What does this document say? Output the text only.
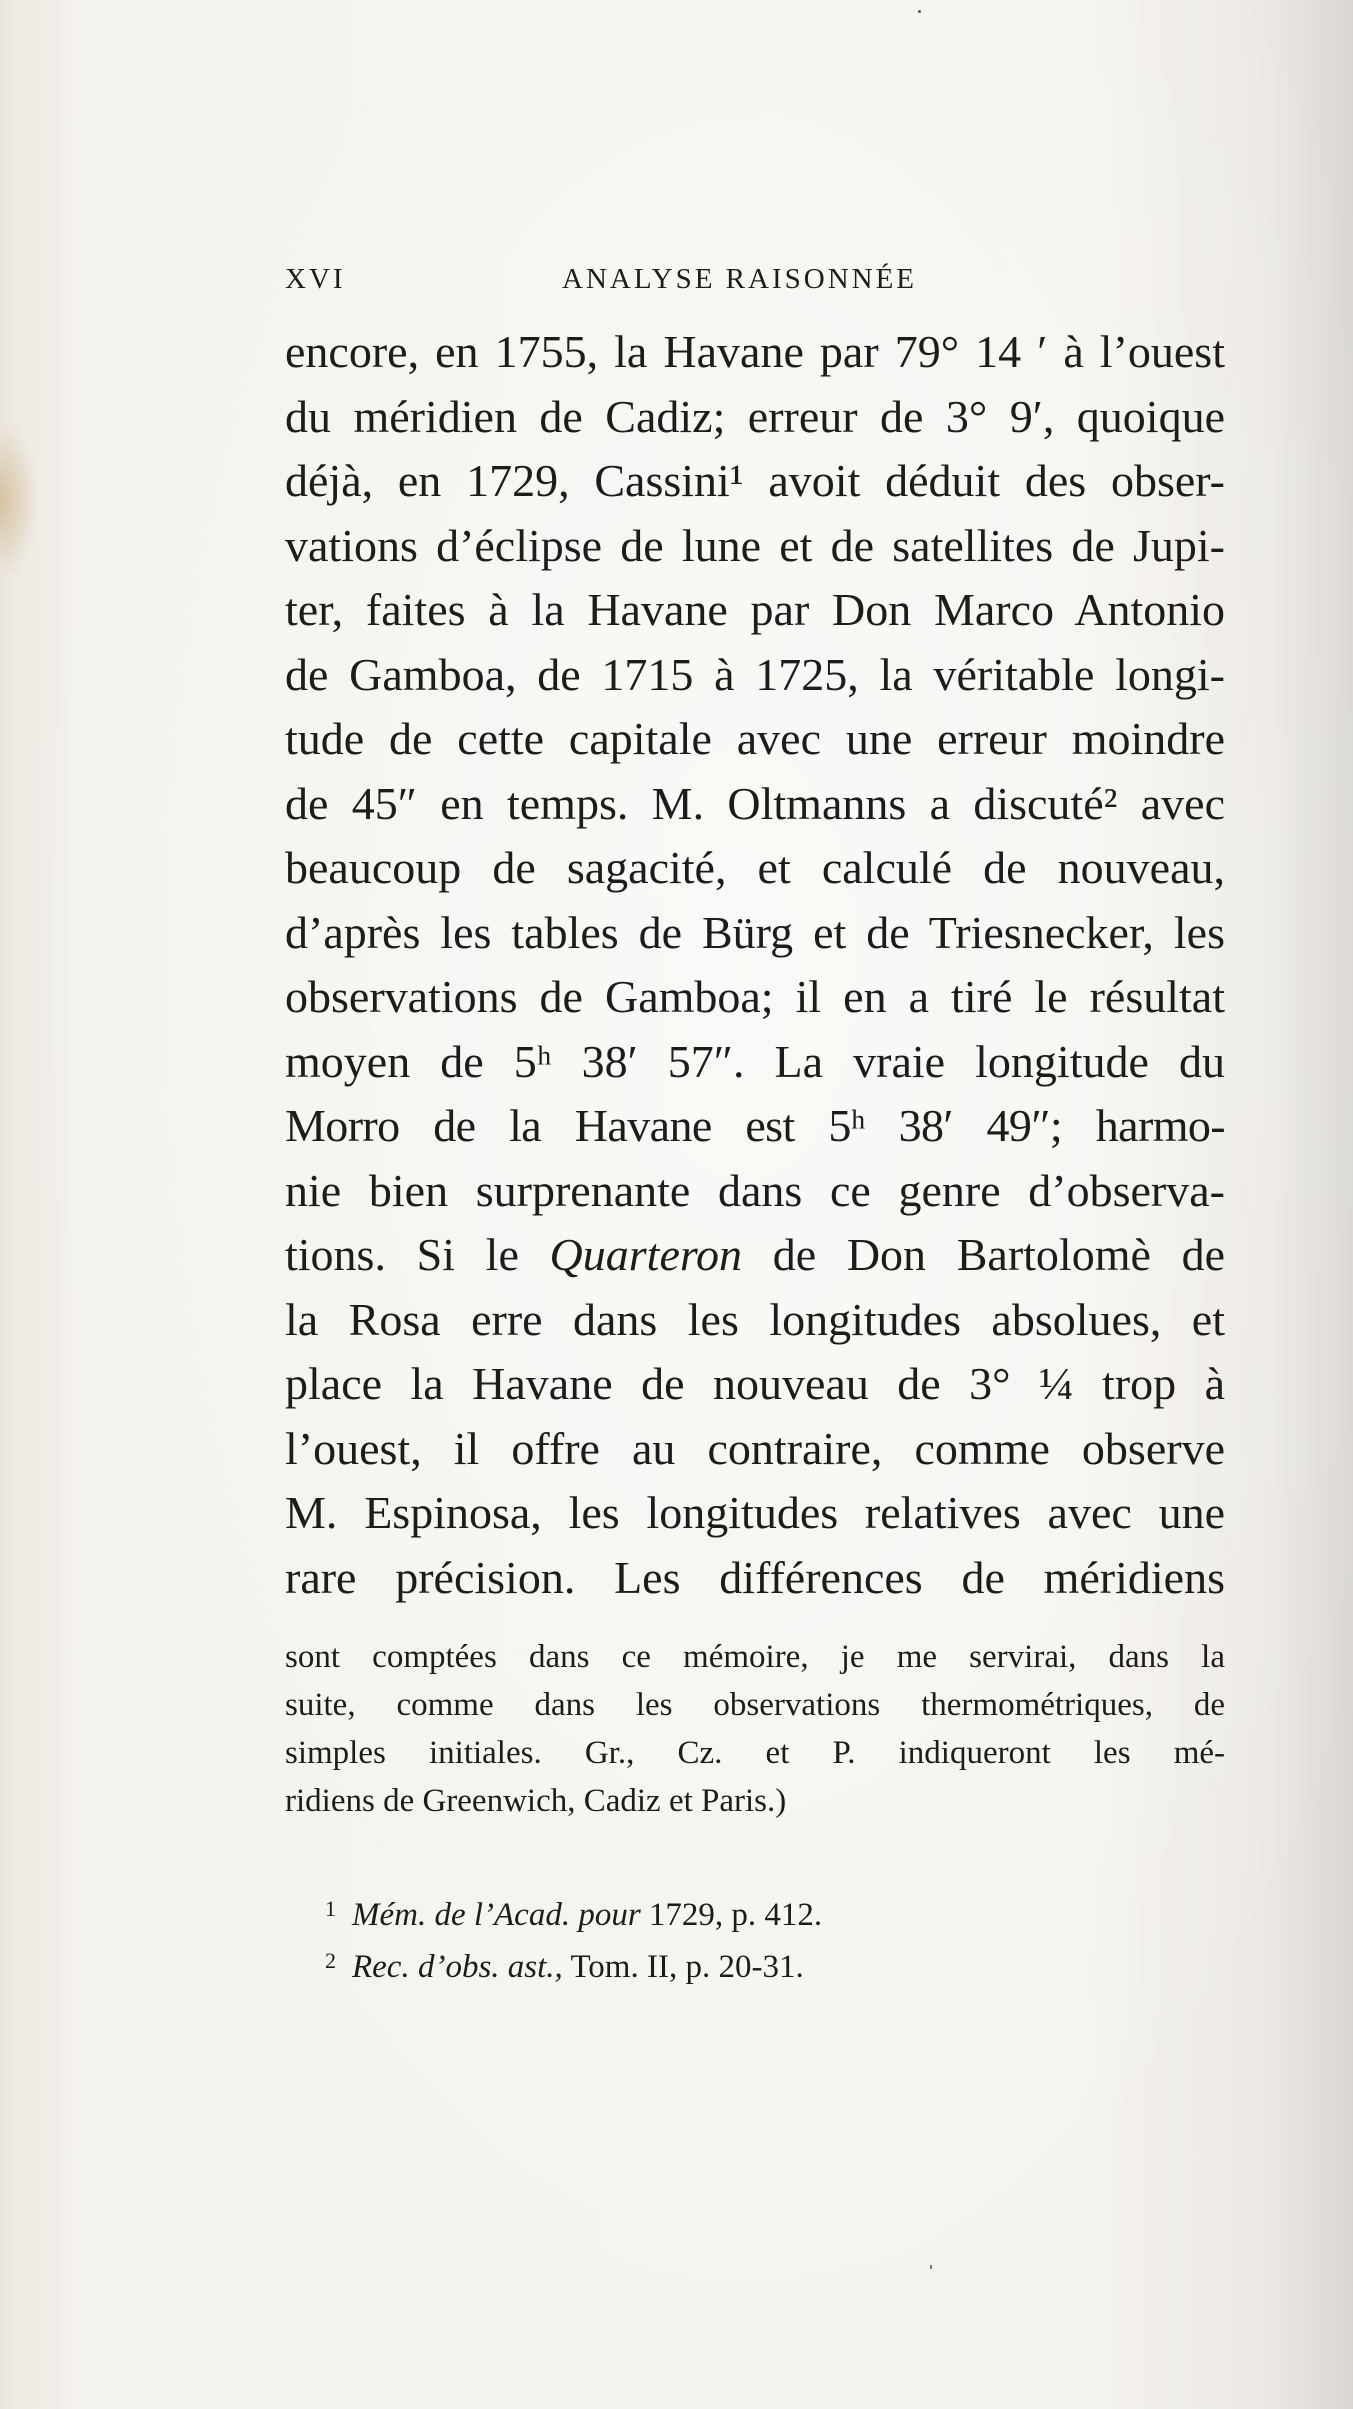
XVI	ANALYSE RAISONNÉE
encore, en 1755, la Havane par 79° 14 ′ à l’ouest
du méridien de Cadiz; erreur de 3° 9′, quoique
déjà, en 1729, Cassini¹ avoit déduit des obser-
vations d’éclipse de lune et de satellites de Jupi-
ter, faites à la Havane par Don Marco Antonio
de Gamboa, de 1715 à 1725, la véritable longi-
tude de cette capitale avec une erreur moindre
de 45″ en temps. M. Oltmanns a discuté² avec
beaucoup de sagacité, et calculé de nouveau,
d’après les tables de Bürg et de Triesnecker, les
observations de Gamboa; il en a tiré le résultat
moyen de 5ʰ 38′ 57″. La vraie longitude du
Morro de la Havane est 5ʰ 38′ 49″; harmo-
nie bien surprenante dans ce genre d’observa-
tions. Si le Quarteron de Don Bartolomè de
la Rosa erre dans les longitudes absolues, et
place la Havane de nouveau de 3° ¼ trop à
l’ouest, il offre au contraire, comme observe
M. Espinosa, les longitudes relatives avec une
rare précision. Les différences de méridiens
sont comptées dans ce mémoire, je me servirai, dans la
suite, comme dans les observations thermométriques, de
simples initiales. Gr., Cz. et P. indiqueront les mé-
ridiens de Greenwich, Cadiz et Paris.)
$^1$ Mém. de l’Acad. pour 1729, p. 412.
$^2$ Rec. d’obs. ast., Tom. II, p. 20-31.
